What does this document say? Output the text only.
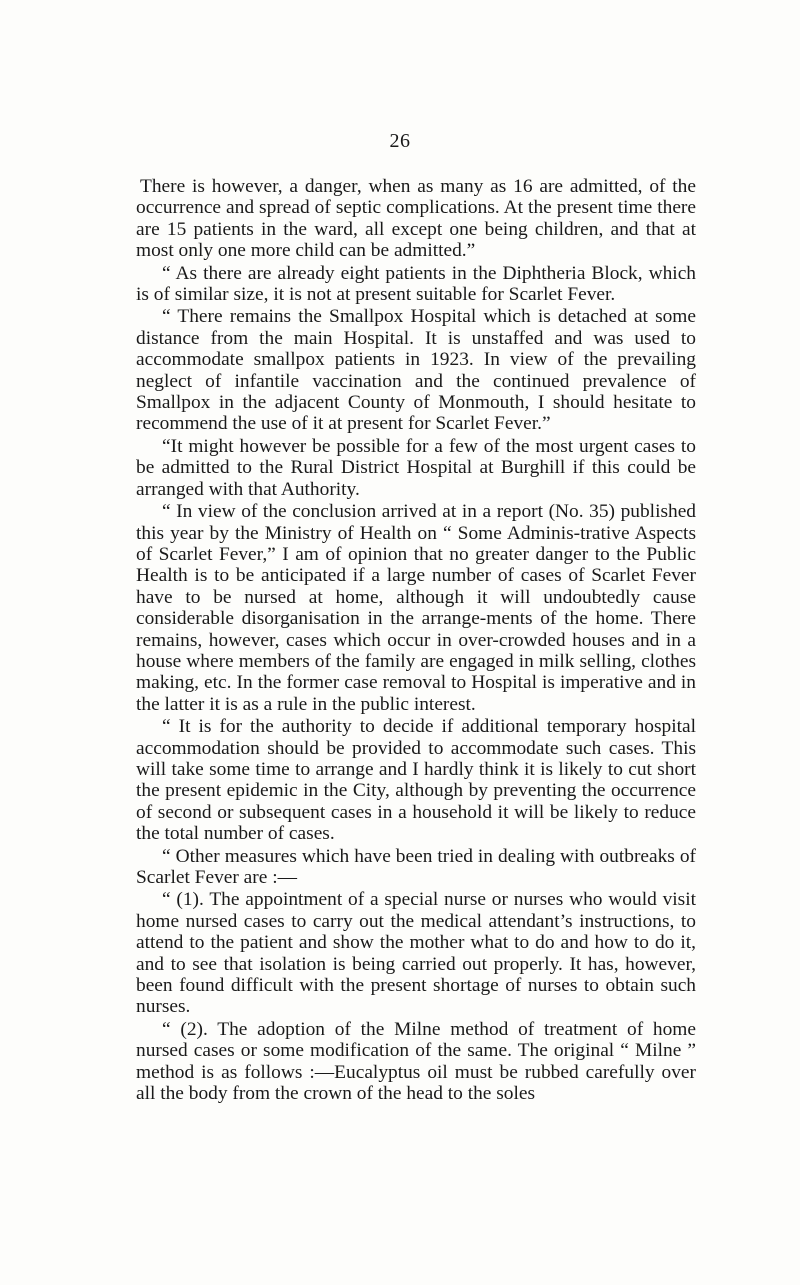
26

There is however, a danger, when as many as 16 are admitted, of the occurrence and spread of septic complications. At the present time there are 15 patients in the ward, all except one being children, and that at most only one more child can be admitted.”

“ As there are already eight patients in the Diphtheria Block, which is of similar size, it is not at present suitable for Scarlet Fever.

“ There remains the Smallpox Hospital which is detached at some distance from the main Hospital. It is unstaffed and was used to accommodate smallpox patients in 1923. In view of the prevailing neglect of infantile vaccination and the continued prevalence of Smallpox in the adjacent County of Monmouth, I should hesitate to recommend the use of it at present for Scarlet Fever.”

“It might however be possible for a few of the most urgent cases to be admitted to the Rural District Hospital at Burghill if this could be arranged with that Authority.

“ In view of the conclusion arrived at in a report (No. 35) published this year by the Ministry of Health on “ Some Adminis-trative Aspects of Scarlet Fever,” I am of opinion that no greater danger to the Public Health is to be anticipated if a large number of cases of Scarlet Fever have to be nursed at home, although it will undoubtedly cause considerable disorganisation in the arrange-ments of the home. There remains, however, cases which occur in over-crowded houses and in a house where members of the family are engaged in milk selling, clothes making, etc. In the former case removal to Hospital is imperative and in the latter it is as a rule in the public interest.

“ It is for the authority to decide if additional temporary hospital accommodation should be provided to accommodate such cases. This will take some time to arrange and I hardly think it is likely to cut short the present epidemic in the City, although by preventing the occurrence of second or subsequent cases in a household it will be likely to reduce the total number of cases.

“ Other measures which have been tried in dealing with outbreaks of Scarlet Fever are :—

“ (1). The appointment of a special nurse or nurses who would visit home nursed cases to carry out the medical attendant’s instructions, to attend to the patient and show the mother what to do and how to do it, and to see that isolation is being carried out properly. It has, however, been found difficult with the present shortage of nurses to obtain such nurses.

“ (2). The adoption of the Milne method of treatment of home nursed cases or some modification of the same. The original “ Milne ” method is as follows :—Eucalyptus oil must be rubbed carefully over all the body from the crown of the head to the soles
